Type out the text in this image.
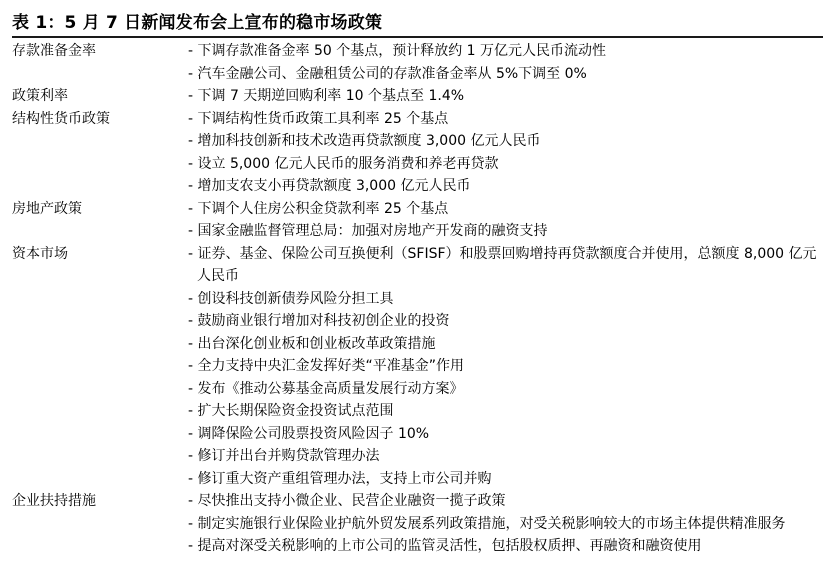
表 1：5 月 7 日新闻发布会上宣布的稳市场政策
存款准备金率	- 下调存款准备金率 50 个基点，预计释放约 1 万亿元人民币流动性
- 汽车金融公司、金融租赁公司的存款准备金率从 5%下调至 0%
政策利率	- 下调 7 天期逆回购利率 10 个基点至 1.4%
结构性货币政策	- 下调结构性货币政策工具利率 25 个基点
- 增加科技创新和技术改造再贷款额度 3,000 亿元人民币
- 设立 5,000 亿元人民币的服务消费和养老再贷款
- 增加支农支小再贷款额度 3,000 亿元人民币
房地产政策	- 下调个人住房公积金贷款利率 25 个基点
- 国家金融监督管理总局：加强对房地产开发商的融资支持
资本市场	- 证券、基金、保险公司互换便利（SFISF）和股票回购增持再贷款额度合并使用，总额度 8,000 亿元人民币
- 创设科技创新债券风险分担工具
- 鼓励商业银行增加对科技初创企业的投资
- 出台深化创业板和创业板改革政策措施
- 全力支持中央汇金发挥好类“平准基金”作用
- 发布《推动公募基金高质量发展行动方案》
- 扩大长期保险资金投资试点范围
- 调降保险公司股票投资风险因子 10%
- 修订并出台并购贷款管理办法
- 修订重大资产重组管理办法，支持上市公司并购
企业扶持措施	- 尽快推出支持小微企业、民营企业融资一揽子政策
- 制定实施银行业保险业护航外贸发展系列政策措施，对受关税影响较大的市场主体提供精准服务
- 提高对深受关税影响的上市公司的监管灵活性，包括股权质押、再融资和融资使用
